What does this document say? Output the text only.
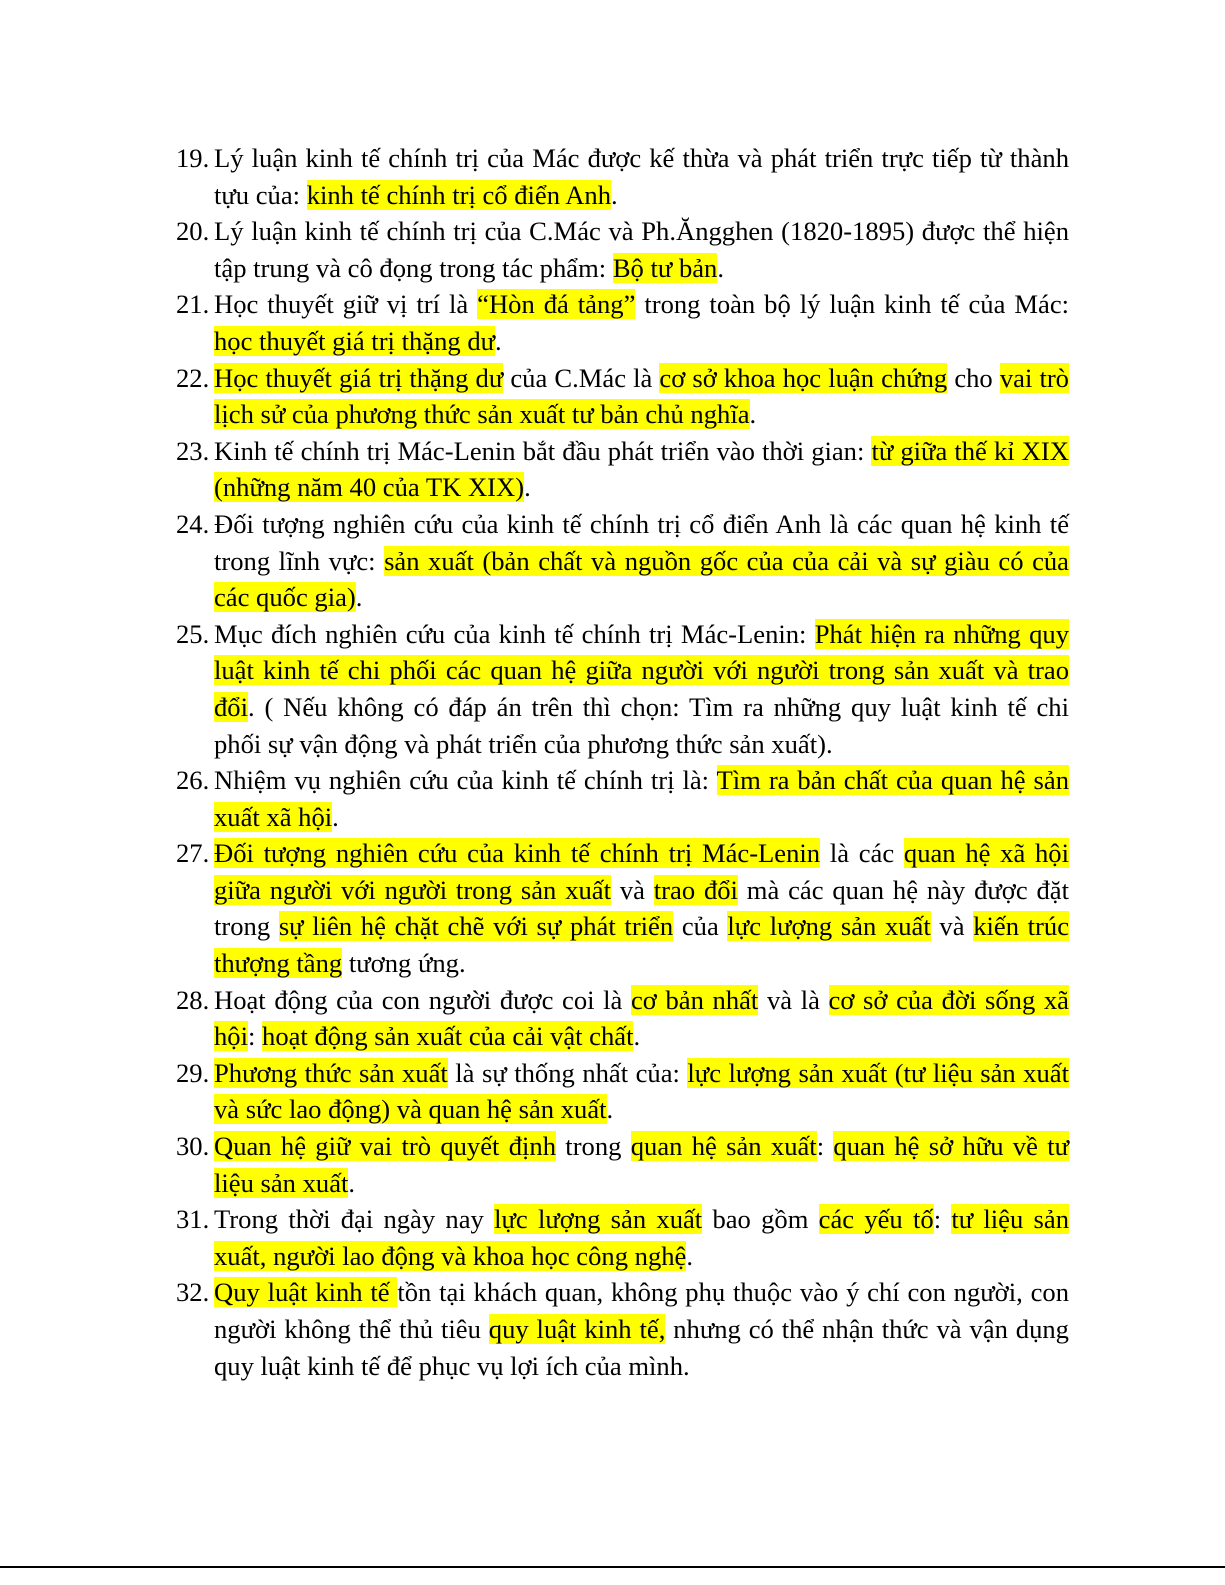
19. Lý luận kinh tế chính trị của Mác được kế thừa và phát triển trực tiếp từ thành tựu của: kinh tế chính trị cổ điển Anh.
20. Lý luận kinh tế chính trị của C.Mác và Ph.Ăngghen (1820-1895) được thể hiện tập trung và cô đọng trong tác phẩm: Bộ tư bản.
21. Học thuyết giữ vị trí là “Hòn đá tảng” trong toàn bộ lý luận kinh tế của Mác: học thuyết giá trị thặng dư.
22. Học thuyết giá trị thặng dư của C.Mác là cơ sở khoa học luận chứng cho vai trò lịch sử của phương thức sản xuất tư bản chủ nghĩa.
23. Kinh tế chính trị Mác-Lenin bắt đầu phát triển vào thời gian: từ giữa thế kỉ XIX (những năm 40 của TK XIX).
24. Đối tượng nghiên cứu của kinh tế chính trị cổ điển Anh là các quan hệ kinh tế trong lĩnh vực: sản xuất (bản chất và nguồn gốc của của cải và sự giàu có của các quốc gia).
25. Mục đích nghiên cứu của kinh tế chính trị Mác-Lenin: Phát hiện ra những quy luật kinh tế chi phối các quan hệ giữa người với người trong sản xuất và trao đổi. ( Nếu không có đáp án trên thì chọn: Tìm ra những quy luật kinh tế chi phối sự vận động và phát triển của phương thức sản xuất).
26. Nhiệm vụ nghiên cứu của kinh tế chính trị là: Tìm ra bản chất của quan hệ sản xuất xã hội.
27. Đối tượng nghiên cứu của kinh tế chính trị Mác-Lenin là các quan hệ xã hội giữa người với người trong sản xuất và trao đổi mà các quan hệ này được đặt trong sự liên hệ chặt chẽ với sự phát triển của lực lượng sản xuất và kiến trúc thượng tầng tương ứng.
28. Hoạt động của con người được coi là cơ bản nhất và là cơ sở của đời sống xã hội: hoạt động sản xuất của cải vật chất.
29. Phương thức sản xuất là sự thống nhất của: lực lượng sản xuất (tư liệu sản xuất và sức lao động) và quan hệ sản xuất.
30. Quan hệ giữ vai trò quyết định trong quan hệ sản xuất: quan hệ sở hữu về tư liệu sản xuất.
31. Trong thời đại ngày nay lực lượng sản xuất bao gồm các yếu tố: tư liệu sản xuất, người lao động và khoa học công nghệ.
32. Quy luật kinh tế tồn tại khách quan, không phụ thuộc vào ý chí con người, con người không thể thủ tiêu quy luật kinh tế, nhưng có thể nhận thức và vận dụng quy luật kinh tế để phục vụ lợi ích của mình.
